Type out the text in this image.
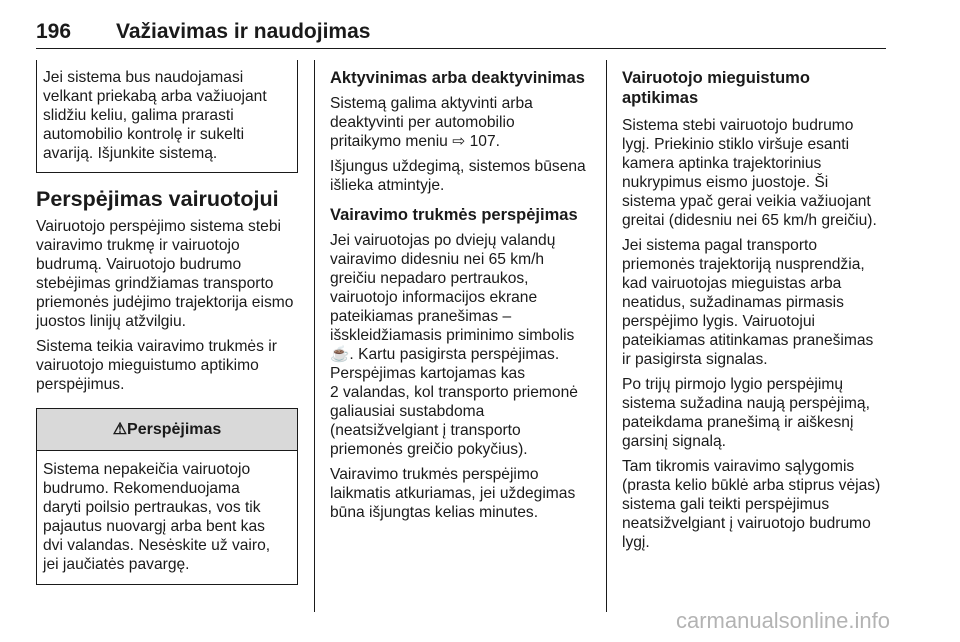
196 Važiavimas ir naudojimas
Jei sistema bus naudojamasi
velkant priekabą arba važiuojant
slidžiu keliu, galima prarasti
automobilio kontrolę ir sukelti
avariją. Išjunkite sistemą.
Perspėjimas vairuotojui

Vairuotojo perspėjimo sistema stebi
vairavimo trukmę ir vairuotojo
budrumą. Vairuotojo budrumo
stebėjimas grindžiamas transporto
priemonės judėjimo trajektorija eismo
juostos linijų atžvilgiu.

Sistema teikia vairavimo trukmės ir
vairuotojo mieguistumo aptikimo
perspėjimus.

⚠Perspėjimas
Sistema nepakeičia vairuotojo
budrumo. Rekomenduojama
daryti poilsio pertraukas, vos tik
pajautus nuovargį arba bent kas
dvi valandas. Nesėskite už vairo,
jei jaučiatės pavargę.
Aktyvinimas arba deaktyvinimas

Sistemą galima aktyvinti arba
deaktyvinti per automobilio
pritaikymo meniu ⇨ 107.

Išjungus uždegimą, sistemos būsena
išlieka atmintyje.

Vairavimo trukmės perspėjimas

Jei vairuotojas po dviejų valandų
vairavimo didesniu nei 65 km/h
greičiu nepadaro pertraukos,
vairuotojo informacijos ekrane
pateikiamas pranešimas –
išskleidžiamasis priminimo simbolis
☕. Kartu pasigirsta perspėjimas.

Perspėjimas kartojamas kas
2 valandas, kol transporto priemonė
galiausiai sustabdoma
(neatsižvelgiant į transporto
priemonės greičio pokyčius).

Vairavimo trukmės perspėjimo
laikmatis atkuriamas, jei uždegimas
būna išjungtas kelias minutes.

Vairuotojo mieguistumo
aptikimas

Sistema stebi vairuotojo budrumo
lygį. Priekinio stiklo viršuje esanti
kamera aptinka trajektorinius
nukrypimus eismo juostoje. Ši
sistema ypač gerai veikia važiuojant
greitai (didesniu nei 65 km/h greičiu).

Jei sistema pagal transporto
priemonės trajektoriją nusprendžia,
kad vairuotojas mieguistas arba
neatidus, sužadinamas pirmasis
perspėjimo lygis. Vairuotojui
pateikiamas atitinkamas pranešimas
ir pasigirsta signalas.

Po trijų pirmojo lygio perspėjimų
sistema sužadina naują perspėjimą,
pateikdama pranešimą ir aiškesnį
garsinį signalą.

Tam tikromis vairavimo sąlygomis
(prasta kelio būklė arba stiprus vėjas)
sistema gali teikti perspėjimus
neatsižvelgiant į vairuotojo budrumo
lygį.

carmanualsonline.info
